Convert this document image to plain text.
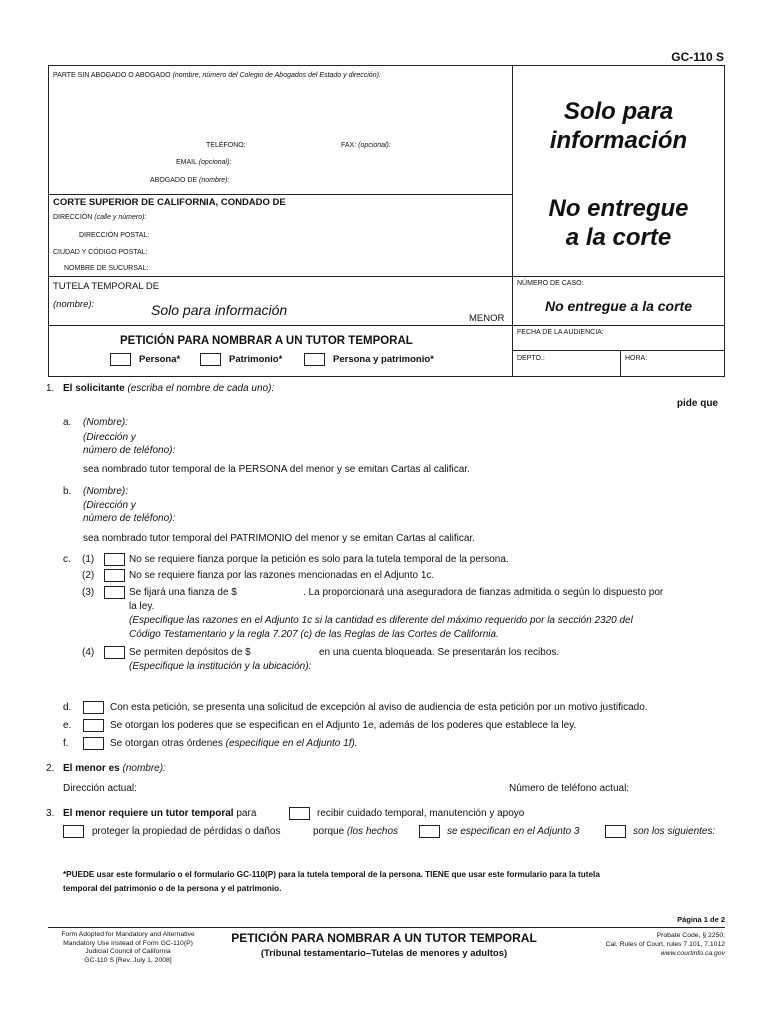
GC-110 S
PARTE SIN ABOGADO O ABOGADO (nombre, número del Colegio de Abogados del Estado y dirección):
TELÉFONO:	FAX: (opcional):
EMAIL (opcional):
ABOGADO DE (nombre):
CORTE SUPERIOR DE CALIFORNIA, CONDADO DE
DIRECCIÓN (calle y número):
DIRECCIÓN POSTAL:
CIUDAD Y CÓDIGO POSTAL:
NOMBRE DE SUCURSAL:
TUTELA TEMPORAL DE
(nombre):	Solo para información
MENOR
PETICIÓN PARA NOMBRAR A UN TUTOR TEMPORAL
Persona*	Patrimonio*	Persona y patrimonio*
Solo para
información
No entregue
a la corte
NÚMERO DE CASO:
No entregue a la corte
FECHA DE LA AUDIENCIA:
DEPTO.:	HORA:
1. El solicitante (escriba el nombre de cada uno):
pide que
a. (Nombre):
(Dirección y
número de teléfono):
sea nombrado tutor temporal de la PERSONA del menor y se emitan Cartas al calificar.
b. (Nombre):
(Dirección y
número de teléfono):
sea nombrado tutor temporal del PATRIMONIO del menor y se emitan Cartas al calificar.
c. (1)	No se requiere fianza porque la petición es solo para la tutela temporal de la persona.
(2)	No se requiere fianza por las razones mencionadas en el Adjunto 1c.
(3)	Se fijará una fianza de $	. La proporcionará una aseguradora de fianzas admitida o según lo dispuesto por
la ley.
(Especifique las razones en el Adjunto 1c si la cantidad es diferente del máximo requerido por la sección 2320 del
Código Testamentario y la regla 7.207 (c) de las Reglas de las Cortes de California.
(4)	Se permiten depósitos de $	en una cuenta bloqueada. Se presentarán los recibos.
(Especifique la institución y la ubicación):
d.	Con esta petición, se presenta una solicitud de excepción al aviso de audiencia de esta petición por un motivo justificado.
e.	Se otorgan los poderes que se especifican en el Adjunto 1e, además de los poderes que establece la ley.
f.	Se otorgan otras órdenes (especifique en el Adjunto 1f).
2. El menor es (nombre):
Dirección actual:	Número de teléfono actual:
3. El menor requiere un tutor temporal para	recibir cuidado temporal, manutención y apoyo
proteger la propiedad de pérdidas o daños	porque (los hechos	se especifican en el Adjunto 3	son los siguientes:
*PUEDE usar este formulario o el formulario GC-110(P) para la tutela temporal de la persona. TIENE que usar este formulario para la tutela
temporal del patrimonio o de la persona y el patrimonio.
Página 1 de 2
Form Adopted for Mandatory and Alternative
Mandatory Use Instead of Form GC-110(P)
Judicial Council of California
GC-110 S [Rev. July 1, 2008]
PETICIÓN PARA NOMBRAR A UN TUTOR TEMPORAL
(Tribunal testamentario–Tutelas de menores y adultos)
Probate Code, § 2250;
Cal. Rules of Court, rules 7.101, 7.1012
www.courtinfo.ca.gov
